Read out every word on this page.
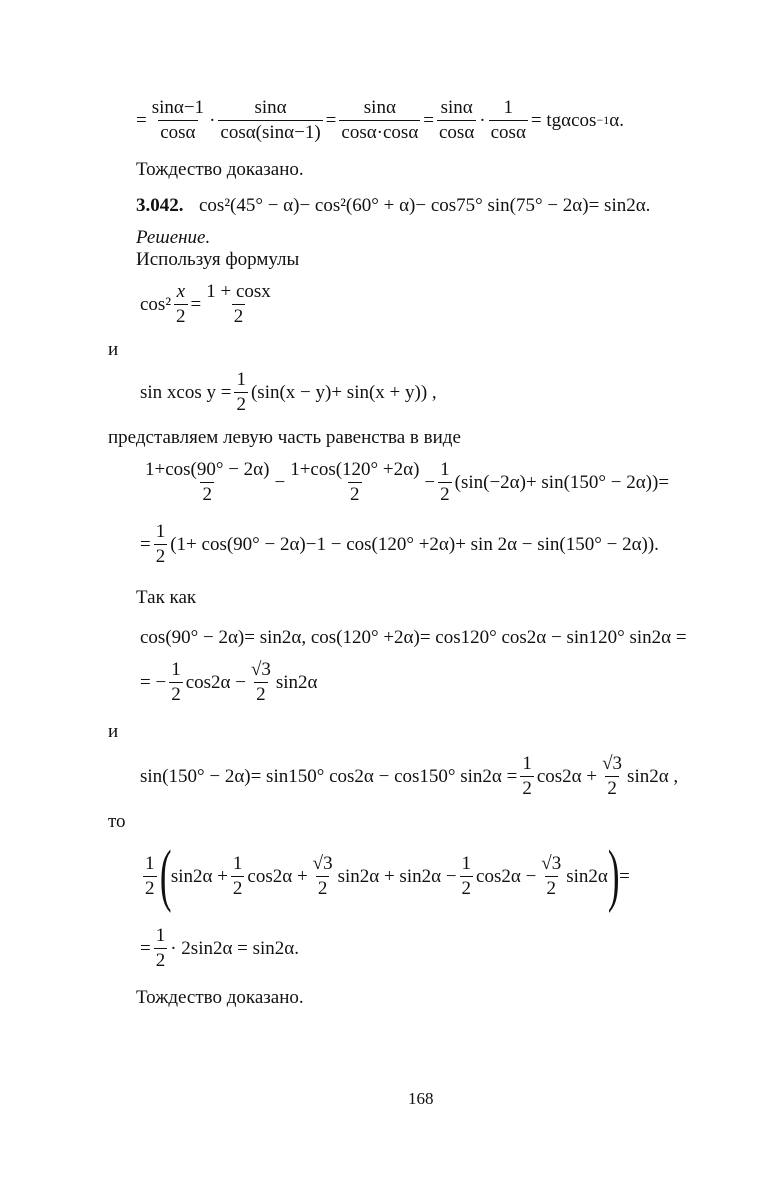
= $\frac{\sin\alpha-1}{\cos\alpha} \cdot \frac{\sin\alpha}{\cos\alpha(\sin\alpha-1)} = \frac{\sin\alpha}{\cos\alpha\cdot\cos\alpha} = \frac{\sin\alpha}{\cos\alpha} \cdot \frac{1}{\cos\alpha} = tg\alpha\cos -1$ α.
Тождество доказано.
3.042. cos²(45° − α)− cos²(60° + α)− cos75° sin(75° − 2α)= sin2α.
Решение.
Используя формулы
$\cos^2 \frac{x}{2} = \frac{1 + \cos x}{2}$
и
sin xcos $y = \frac{1}{2} (\sin(x - y)+ \sin(x + y))$ ,
представляем левую часть равенства в виде
$\frac{1+\cos(90^\circ - 2\alpha)}{2} - \frac{1+\cos(120^\circ +2\alpha)}{2} - \frac{1}{2} (\sin(-2\alpha)+ \sin(150^\circ - 2\alpha))=$
= $\frac{1}{2} (1+ \cos(90^\circ - 2\alpha)-1 - \cos(120^\circ +2\alpha)+ \sin 2\alpha - \sin(150^\circ - 2\alpha))$.
Так как
cos(90° − 2α)= sin2α, cos(120° +2α)= cos120° cos2α − sin120° sin2α =
= − $\frac{1}{2} \cos 2\alpha - \frac{√3}{2} \sin 2\alpha$
и
sin(150° − 2α)= sin150° cos2α − cos150° $\sin 2\alpha = \frac{1}{2} \cos 2\alpha + \frac{√3}{2} \sin 2\alpha$ ,
то
$\frac{1}{2}$ ( $\sin 2\alpha + \frac{1}{2} \cos 2\alpha + \frac{√3}{2} \sin 2\alpha + \sin 2\alpha - \frac{1}{2} \cos 2\alpha - \frac{√3}{2} \sin 2\alpha$ ) =
= $\frac{1}{2} \cdot 2\sin 2\alpha = \sin 2\alpha$.
Тождество доказано.
168
